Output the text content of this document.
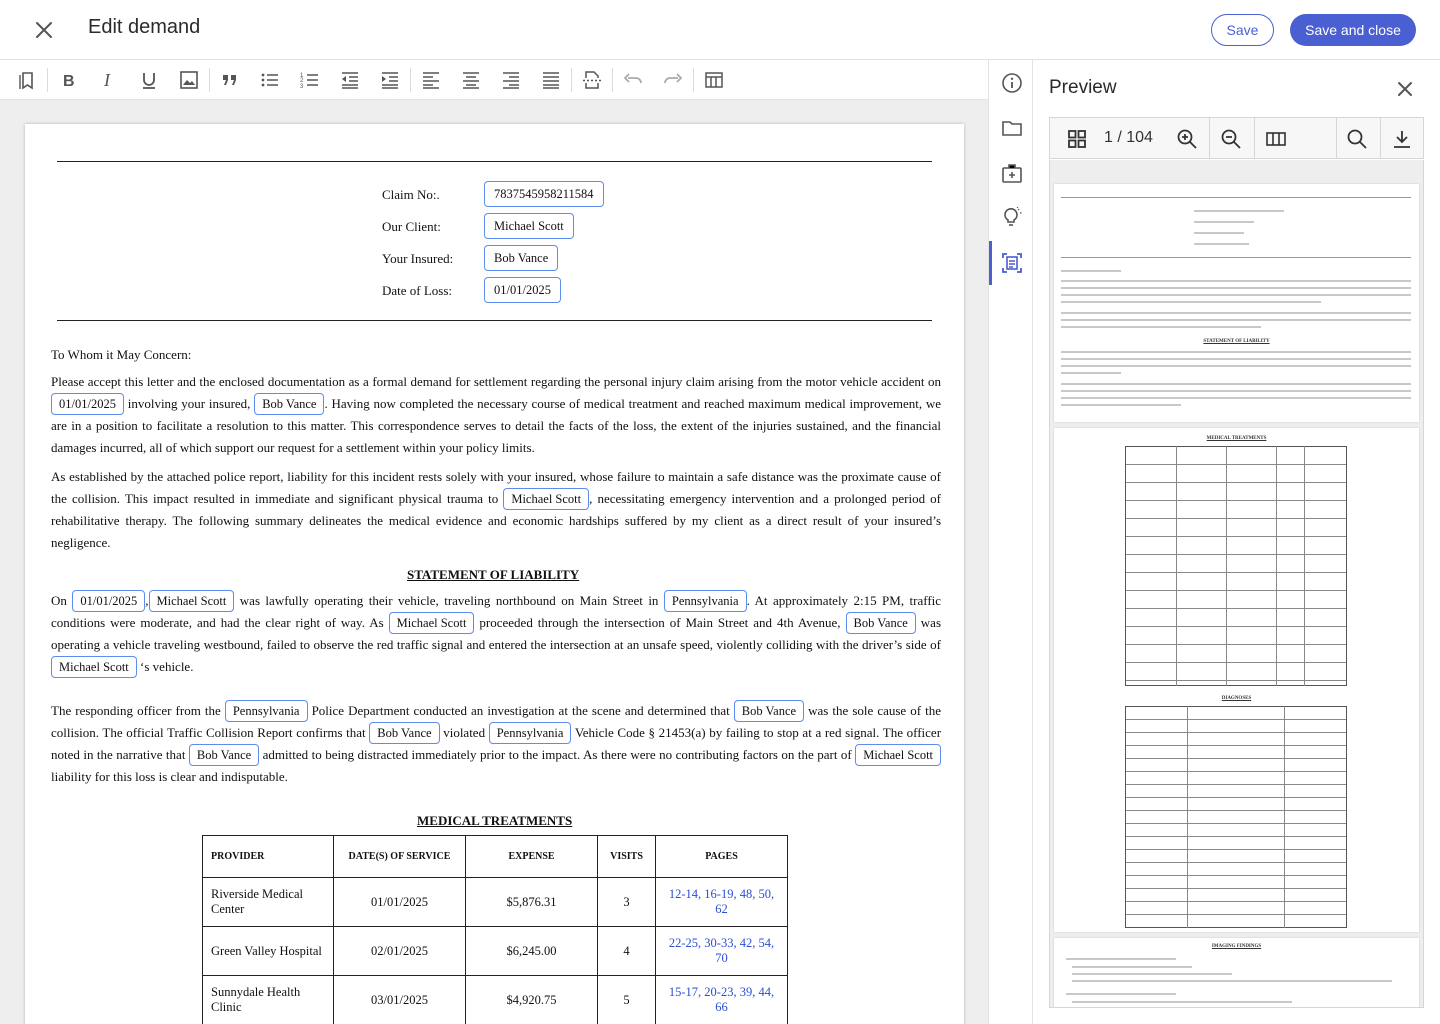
Edit demand	Save	Save and close
B I	1
2
3
Claim No:.	7837545958211584
Our Client:	Michael Scott
Your Insured:	Bob Vance
Date of Loss:	01/01/2025
To Whom it May Concern:
Please accept this letter and the enclosed documentation as a formal demand for settlement regarding the personal injury claim arising from the motor vehicle accident on 01/01/2025 involving your insured, Bob Vance . Having now completed the necessary course of medical treatment and reached maximum medical improvement, we are in a position to facilitate a resolution to this matter. This correspondence serves to detail the facts of the loss, the extent of the injuries sustained, and the financial damages incurred, all of which support our request for a settlement within your policy limits.
As established by the attached police report, liability for this incident rests solely with your insured, whose failure to maintain a safe distance was the proximate cause of the collision. This impact resulted in immediate and significant physical trauma to Michael Scott , necessitating emergency intervention and a prolonged period of rehabilitative therapy. The following summary delineates the medical evidence and economic hardships suffered by my client as a direct result of your insured’s negligence.
STATEMENT OF LIABILITY
On 01/01/2025 , Michael Scott was lawfully operating their vehicle, traveling northbound on Main Street in Pennsylvania . At approximately 2:15 PM, traffic conditions were moderate, and had the clear right of way. As Michael Scott proceeded through the intersection of Main Street and 4th Avenue, Bob Vance was operating a vehicle traveling westbound, failed to observe the red traffic signal and entered the intersection at an unsafe speed, violently colliding with the driver’s side of Michael Scott ‘s vehicle.
The responding officer from the Pennsylvania Police Department conducted an investigation at the scene and determined that Bob Vance was the sole cause of the collision. The official Traffic Collision Report confirms that Bob Vance violated Pennsylvania Vehicle Code § 21453(a) by failing to stop at a red signal. The officer noted in the narrative that Bob Vance admitted to being distracted immediately prior to the impact. As there were no contributing factors on the part of Michael Scott liability for this loss is clear and indisputable.
MEDICAL TREATMENTS
PROVIDER	DATE(S) OF SERVICE	EXPENSE	VISITS	PAGES
Riverside Medical Center	01/01/2025	$5,876.31	3	12-14, 16-19, 48, 50, 62
Green Valley Hospital	02/01/2025	$6,245.00	4	22-25, 30-33, 42, 54, 70
Sunnydale Health Clinic	03/01/2025	$4,920.75	5	15-17, 20-23, 39, 44, 66
Preview
1 / 104
STATEMENT OF LIABILITY
MEDICAL TREATMENTS
DIAGNOSES
IMAGING FINDINGS
